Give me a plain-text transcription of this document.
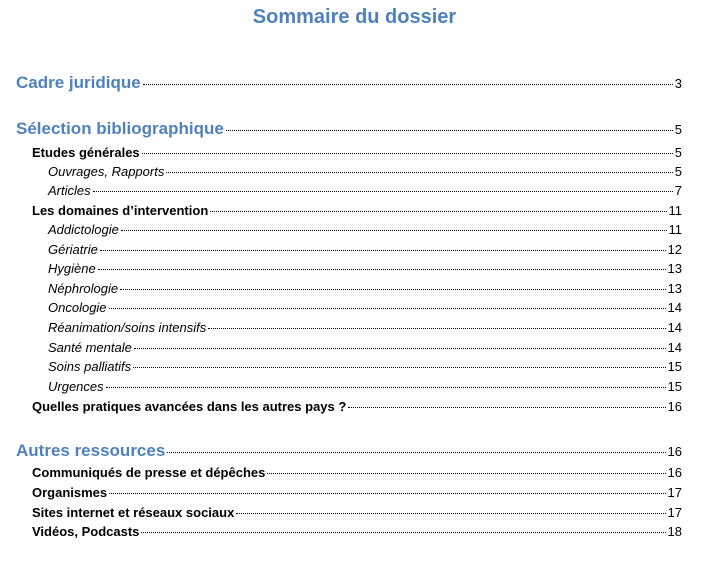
Sommaire du dossier
Cadre juridique	3
Sélection bibliographique	5
Etudes générales	5
Ouvrages, Rapports	5
Articles	7
Les domaines d’intervention	11
Addictologie	11
Gériatrie	12
Hygiène	13
Néphrologie	13
Oncologie	14
Réanimation/soins intensifs	14
Santé mentale	14
Soins palliatifs	15
Urgences	15
Quelles pratiques avancées dans les autres pays ?	16
Autres ressources	16
Communiqués de presse et dépêches	16
Organismes	17
Sites internet et réseaux sociaux	17
Vidéos, Podcasts	18
